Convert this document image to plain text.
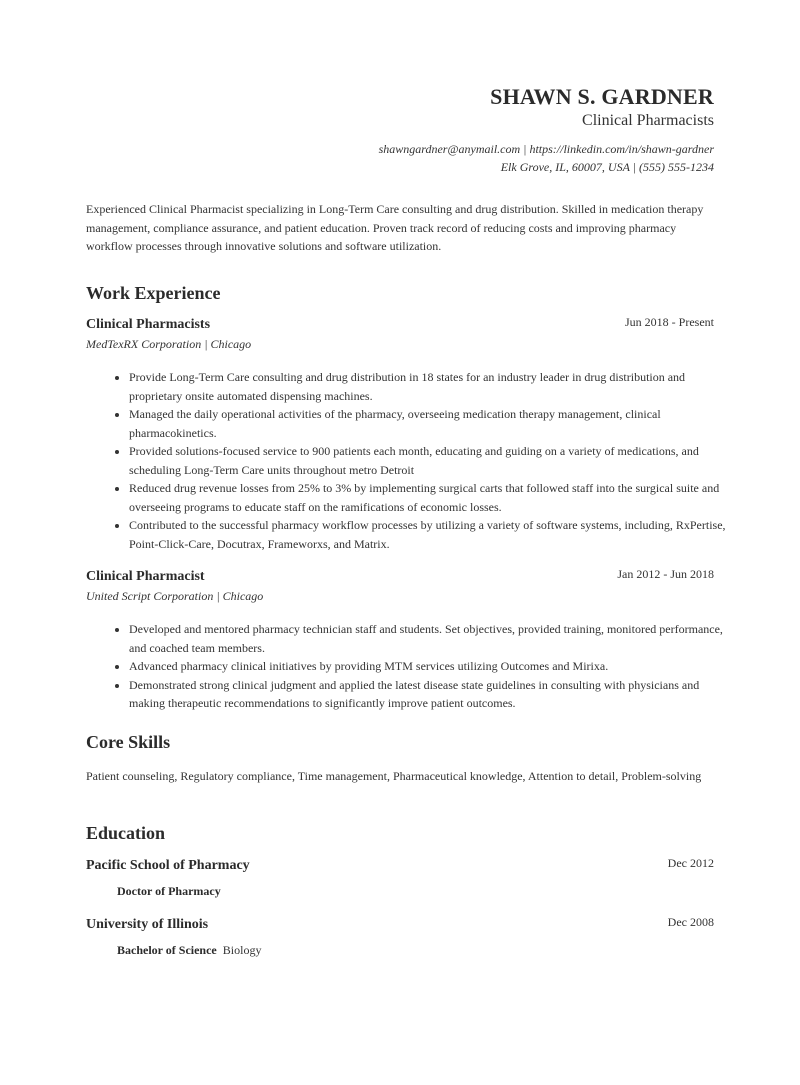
SHAWN S. GARDNER
Clinical Pharmacists
shawngardner@anymail.com | https://linkedin.com/in/shawn-gardner
Elk Grove, IL, 60007, USA | (555) 555-1234
Experienced Clinical Pharmacist specializing in Long-Term Care consulting and drug distribution. Skilled in medication therapy management, compliance assurance, and patient education. Proven track record of reducing costs and improving pharmacy workflow processes through innovative solutions and software utilization.
Work Experience
Clinical Pharmacists	Jun 2018 - Present
MedTexRX Corporation | Chicago
• Provide Long-Term Care consulting and drug distribution in 18 states for an industry leader in drug distribution and proprietary onsite automated dispensing machines.
• Managed the daily operational activities of the pharmacy, overseeing medication therapy management, clinical pharmacokinetics.
• Provided solutions-focused service to 900 patients each month, educating and guiding on a variety of medications, and scheduling Long-Term Care units throughout metro Detroit
• Reduced drug revenue losses from 25% to 3% by implementing surgical carts that followed staff into the surgical suite and overseeing programs to educate staff on the ramifications of economic losses.
• Contributed to the successful pharmacy workflow processes by utilizing a variety of software systems, including, RxPertise, Point-Click-Care, Docutrax, Frameworxs, and Matrix.
Clinical Pharmacist	Jan 2012 - Jun 2018
United Script Corporation | Chicago
• Developed and mentored pharmacy technician staff and students. Set objectives, provided training, monitored performance, and coached team members.
• Advanced pharmacy clinical initiatives by providing MTM services utilizing Outcomes and Mirixa.
• Demonstrated strong clinical judgment and applied the latest disease state guidelines in consulting with physicians and making therapeutic recommendations to significantly improve patient outcomes.
Core Skills
Patient counseling, Regulatory compliance, Time management, Pharmaceutical knowledge, Attention to detail, Problem-solving
Education
Pacific School of Pharmacy	Dec 2012
Doctor of Pharmacy
University of Illinois	Dec 2008
Bachelor of Science Biology
